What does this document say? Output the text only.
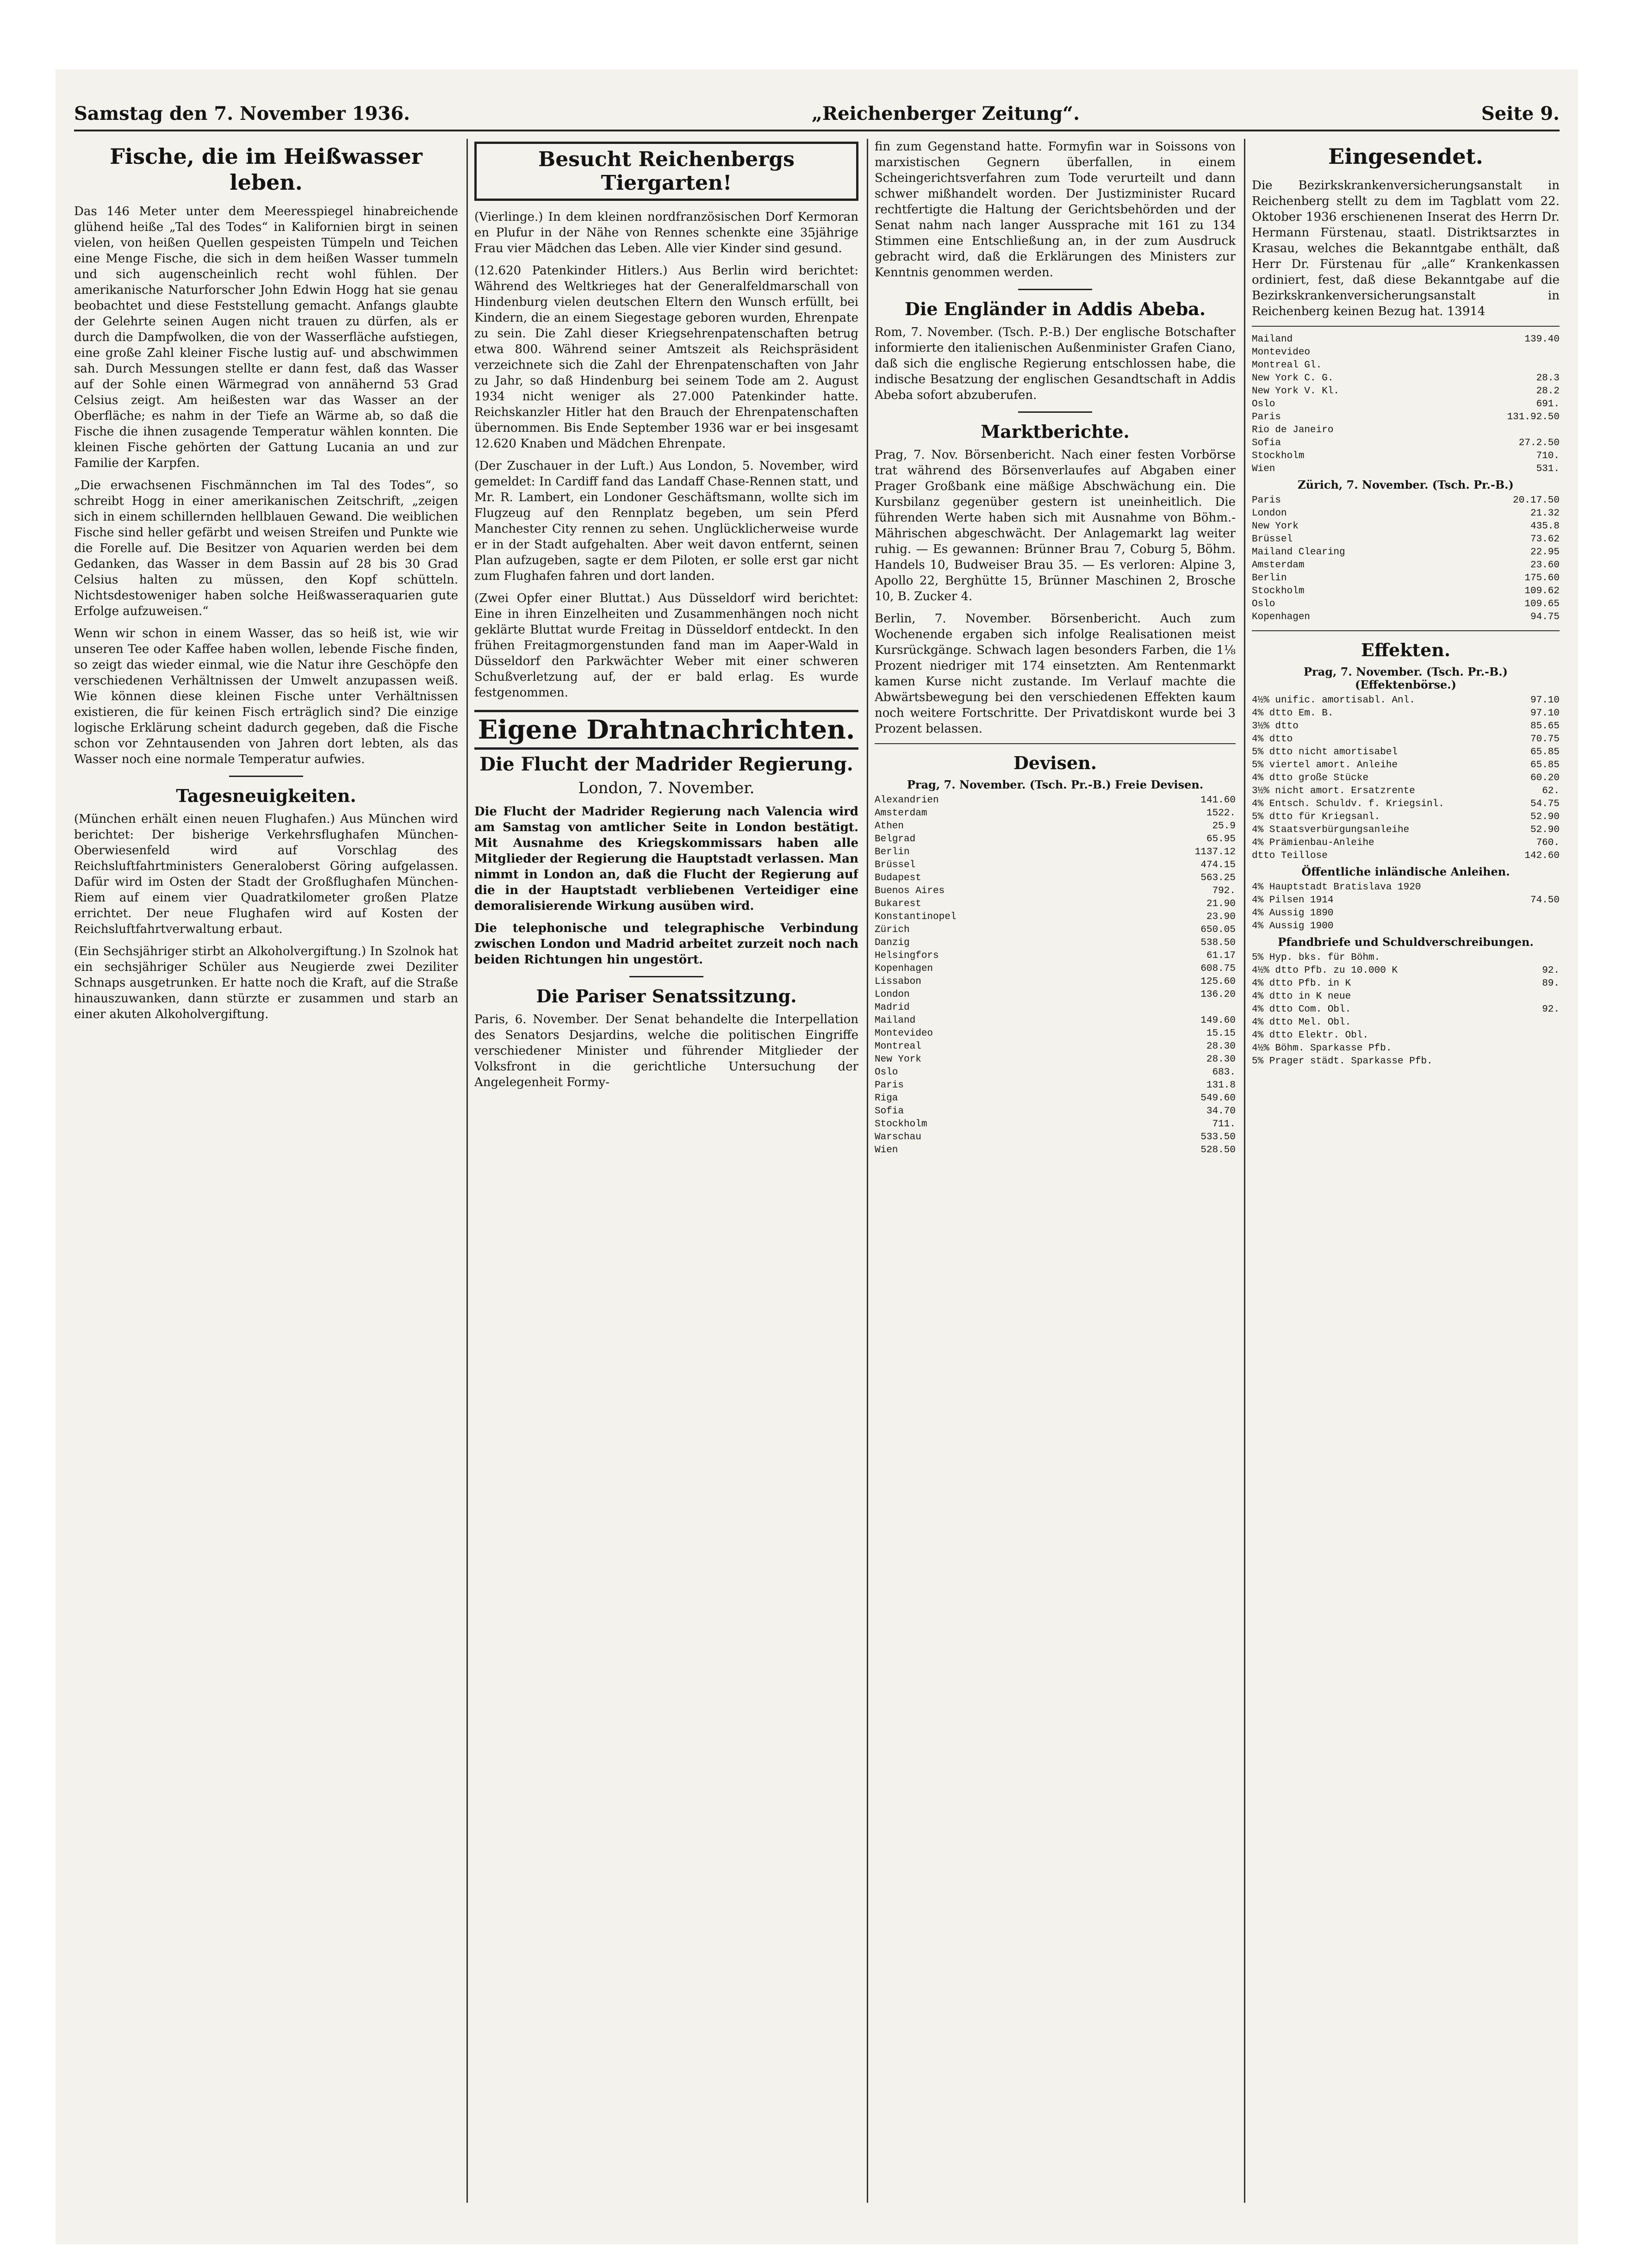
Samstag den 7. November 1936.	„Reichenberger Zeitung“.	Seite 9.
Fische, die im Heißwasser leben.

Das 146 Meter unter dem Meeresspiegel hinabreichende glühend heiße „Tal des Todes“ in Kalifornien birgt in seinen vielen, von heißen Quellen gespeisten Tümpeln und Teichen eine Menge Fische, die sich in dem heißen Wasser tummeln und sich augenscheinlich recht wohl fühlen. Der amerikanische Naturforscher John Edwin Hogg hat sie genau beobachtet und diese Feststellung gemacht. Anfangs glaubte der Gelehrte seinen Augen nicht trauen zu dürfen, als er durch die Dampfwolken, die von der Wasserfläche aufstiegen, eine große Zahl kleiner Fische lustig auf- und abschwimmen sah. Durch Messungen stellte er dann fest, daß das Wasser auf der Sohle einen Wärmegrad von annähernd 53 Grad Celsius zeigt. Am heißesten war das Wasser an der Oberfläche; es nahm in der Tiefe an Wärme ab, so daß die Fische die ihnen zusagende Temperatur wählen konnten. Die kleinen Fische gehörten der Gattung Lucania an und zur Familie der Karpfen.

„Die erwachsenen Fischmännchen im Tal des Todes“, so schreibt Hogg in einer amerikanischen Zeitschrift, „zeigen sich in einem schillernden hellblauen Gewand. Die weiblichen Fische sind heller gefärbt und weisen Streifen und Punkte wie die Forelle auf. Die Besitzer von Aquarien werden bei dem Gedanken, das Wasser in dem Bassin auf 28 bis 30 Grad Celsius halten zu müssen, den Kopf schütteln. Nichtsdestoweniger haben solche Heißwasseraquarien gute Erfolge aufzuweisen.“

Wenn wir schon in einem Wasser, das so heiß ist, wie wir unseren Tee oder Kaffee haben wollen, lebende Fische finden, so zeigt das wieder einmal, wie die Natur ihre Geschöpfe den verschiedenen Verhältnissen der Umwelt anzupassen weiß. Wie können diese kleinen Fische unter Verhältnissen existieren, die für keinen Fisch erträglich sind? Die einzige logische Erklärung scheint dadurch gegeben, daß die Fische schon vor Zehntausenden von Jahren dort lebten, als das Wasser noch eine normale Temperatur aufwies.

Tagesneuigkeiten.

(München erhält einen neuen Flughafen.) Aus München wird berichtet: Der bisherige Verkehrsflughafen München-Oberwiesenfeld wird auf Vorschlag des Reichsluftfahrtministers Generaloberst Göring aufgelassen. Dafür wird im Osten der Stadt der Großflughafen München-Riem auf einem vier Quadratkilometer großen Platze errichtet. Der neue Flughafen wird auf Kosten der Reichsluftfahrtverwaltung erbaut.

(Ein Sechsjähriger stirbt an Alkoholvergiftung.) In Szolnok hat ein sechsjähriger Schüler aus Neugierde zwei Deziliter Schnaps ausgetrunken. Er hatte noch die Kraft, auf die Straße hinauszuwanken, dann stürzte er zusammen und starb an einer akuten Alkoholvergiftung.

Besucht Reichenbergs Tiergarten!

(Vierlinge.) In dem kleinen nordfranzösischen Dorf Kermoran en Plufur in der Nähe von Rennes schenkte eine 35jährige Frau vier Mädchen das Leben. Alle vier Kinder sind gesund.

(12.620 Patenkinder Hitlers.) Aus Berlin wird berichtet: Während des Weltkrieges hat der Generalfeldmarschall von Hindenburg vielen deutschen Eltern den Wunsch erfüllt, bei Kindern, die an einem Siegestage geboren wurden, Ehrenpate zu sein. Die Zahl dieser Kriegsehrenpatenschaften betrug etwa 800. Während seiner Amtszeit als Reichspräsident verzeichnete sich die Zahl der Ehrenpatenschaften von Jahr zu Jahr, so daß Hindenburg bei seinem Tode am 2. August 1934 nicht weniger als 27.000 Patenkinder hatte. Reichskanzler Hitler hat den Brauch der Ehrenpatenschaften übernommen. Bis Ende September 1936 war er bei insgesamt 12.620 Knaben und Mädchen Ehrenpate.

(Der Zuschauer in der Luft.) Aus London, 5. November, wird gemeldet: In Cardiff fand das Landaff Chase-Rennen statt, und Mr. R. Lambert, ein Londoner Geschäftsmann, wollte sich im Flugzeug auf den Rennplatz begeben, um sein Pferd Manchester City rennen zu sehen. Unglücklicherweise wurde er in der Stadt aufgehalten. Aber weit davon entfernt, seinen Plan aufzugeben, sagte er dem Piloten, er solle erst gar nicht zum Flughafen fahren und dort landen.

(Zwei Opfer einer Bluttat.) Aus Düsseldorf wird berichtet: Eine in ihren Einzelheiten und Zusammenhängen noch nicht geklärte Bluttat wurde Freitag in Düsseldorf entdeckt. In den frühen Freitagmorgenstunden fand man im Aaper-Wald in Düsseldorf den Parkwächter Weber mit einer schweren Schußverletzung auf, der er bald erlag. Es wurde festgenommen.

Eigene Drahtnachrichten.
Die Flucht der Madrider Regierung.
London, 7. November.

Die Flucht der Madrider Regierung nach Valencia wird am Samstag von amtlicher Seite in London bestätigt. Mit Ausnahme des Kriegskommissars haben alle Mitglieder der Regierung die Hauptstadt verlassen. Man nimmt in London an, daß die Flucht der Regierung auf die in der Hauptstadt verbliebenen Verteidiger eine demoralisierende Wirkung ausüben wird.

Die telephonische und telegraphische Verbindung zwischen London und Madrid arbeitet zurzeit noch nach beiden Richtungen hin ungestört.

Die Pariser Senatssitzung.

Paris, 6. November. Der Senat behandelte die Interpellation des Senators Desjardins, welche die politischen Eingriffe verschiedener Minister und führender Mitglieder der Volksfront in die gerichtliche Untersuchung der Angelegenheit Formy-

fin zum Gegenstand hatte. Formyfin war in Soissons von marxistischen Gegnern überfallen, in einem Scheingerichtsverfahren zum Tode verurteilt und dann schwer mißhandelt worden. Der Justizminister Rucard rechtfertigte die Haltung der Gerichtsbehörden und der Senat nahm nach langer Aussprache mit 161 zu 134 Stimmen eine Entschließung an, in der zum Ausdruck gebracht wird, daß die Erklärungen des Ministers zur Kenntnis genommen werden.

Die Engländer in Addis Abeba.

Rom, 7. November. (Tsch. P.-B.) Der englische Botschafter informierte den italienischen Außenminister Grafen Ciano, daß sich die englische Regierung entschlossen habe, die indische Besatzung der englischen Gesandtschaft in Addis Abeba sofort abzuberufen.

Marktberichte.

Prag, 7. Nov. Börsenbericht. Nach einer festen Vorbörse trat während des Börsenverlaufes auf Abgaben einer Prager Großbank eine mäßige Abschwächung ein. Die Kursbilanz gegenüber gestern ist uneinheitlich. Die führenden Werte haben sich mit Ausnahme von Böhm.-Mährischen abgeschwächt. Der Anlagemarkt lag weiter ruhig. — Es gewannen: Brünner Brau 7, Coburg 5, Böhm. Handels 10, Budweiser Brau 35. — Es verloren: Alpine 3, Apollo 22, Berghütte 15, Brünner Maschinen 2, Brosche 10, B. Zucker 4.

Berlin, 7. November. Börsenbericht. Auch zum Wochenende ergaben sich infolge Realisationen meist Kursrückgänge. Schwach lagen besonders Farben, die 1⅛ Prozent niedriger mit 174 einsetzten. Am Rentenmarkt kamen Kurse nicht zustande. Im Verlauf machte die Abwärtsbewegung bei den verschiedenen Effekten kaum noch weitere Fortschritte. Der Privatdiskont wurde bei 3 Prozent belassen.

Devisen.
Prag, 7. November. (Tsch. Pr.-B.) Freie Devisen.
Alexandrien	141.60
Amsterdam	1522.
Athen	25.9
Belgrad	65.95
Berlin	1137.12
Brüssel	474.15
Budapest	563.25
Buenos Aires	792.
Bukarest	21.90
Konstantinopel	23.90
Zürich	650.05
Danzig	538.50
Helsingfors	61.17
Kopenhagen	608.75
Lissabon	125.60
London	136.20
Madrid
Mailand	149.60
Montevideo	15.15
Montreal	28.30
New York	28.30
Oslo	683.
Paris	131.8
Riga	549.60
Sofia	34.70
Stockholm	711.
Warschau	533.50
Wien	528.50
Eingesendet.

Die Bezirkskrankenversicherungsanstalt in Reichenberg stellt zu dem im Tagblatt vom 22. Oktober 1936 erschienenen Inserat des Herrn Dr. Hermann Fürstenau, staatl. Distriktsarztes in Krasau, welches die Bekanntgabe enthält, daß Herr Dr. Fürstenau für „alle“ Krankenkassen ordiniert, fest, daß diese Bekanntgabe auf die Bezirkskrankenversicherungsanstalt in Reichenberg keinen Bezug hat. 13914

Mailand	139.40
Montevideo
Montreal Gl.
New York C. G.	28.3
New York V. Kl.	28.2
Oslo	691.
Paris	131.92.50
Rio de Janeiro
Sofia	27.2.50
Stockholm	710.
Wien	531.
Zürich, 7. November. (Tsch. Pr.-B.)
Paris	20.17.50
London	21.32
New York	435.8
Brüssel	73.62
Mailand Clearing	22.95
Amsterdam	23.60
Berlin	175.60
Stockholm	109.62
Oslo	109.65
Kopenhagen	94.75
Effekten.
Prag, 7. November. (Tsch. Pr.-B.) (Effektenbörse.)
4½% unific. amortisabl. Anl.	97.10
4% dtto Em. B.	97.10
3½% dtto	85.65
4% dtto	70.75
5% dtto nicht amortisabel	65.85
5% viertel amort. Anleihe	65.85
4% dtto große Stücke	60.20
3½% nicht amort. Ersatzrente	62.
4% Entsch. Schuldv. f. Kriegsinl.	54.75
5% dtto für Kriegsanl.	52.90
4% Staatsverbürgungsanleihe	52.90
4% Prämienbau-Anleihe	760.
dtto Teillose	142.60
Öffentliche inländische Anleihen.
4% Hauptstadt Bratislava 1920
4% Pilsen 1914	74.50
4% Aussig 1890
4% Aussig 1900
Pfandbriefe und Schuldverschreibungen.
5% Hyp. bks. für Böhm.
4½% dtto Pfb. zu 10.000 K	92.
4% dtto Pfb. in K	89.
4% dtto in K neue
4% dtto Com. Obl.	92.
4% dtto Mel. Obl.
4% dtto Elektr. Obl.
4½% Böhm. Sparkasse Pfb.
5% Prager städt. Sparkasse Pfb.
